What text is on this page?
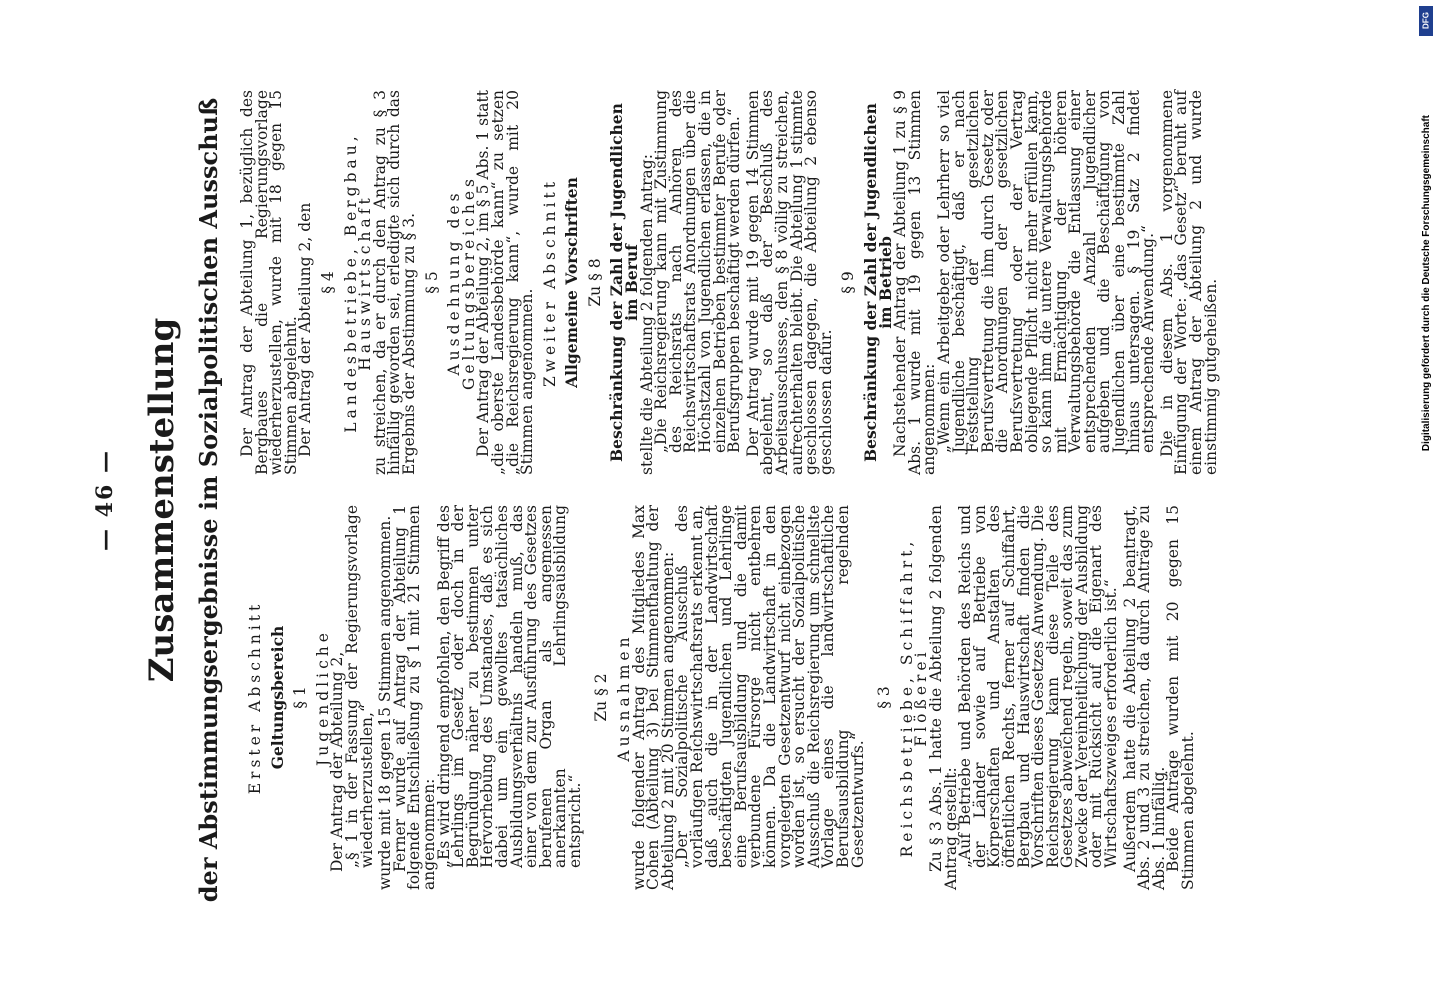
— 46 — Zusammenstellung der Abstimmungsergebnisse im Sozialpolitischen Ausschuß Erster Abschnitt Geltungsbereich § 1 Jugendliche

Der Antrag der Abteilung 2,

„§ 1 in der Fassung der Regierungsvorlage wiederherzustellen,“ wurde mit 18 gegen 15 Stimmen angenommen.

Ferner wurde auf Antrag der Abteilung 1 folgende Entschließung zu § 1 mit 21 Stimmen angenommen:

„Es wird dringend empfohlen, den Begriff des Lehrlings im Gesetz oder doch in der Begründung näher zu bestimmen unter Hervorhebung des Umstandes, daß es sich dabei um ein gewolltes tatsächliches Ausbildungsverhältnis handeln muß, das einer von dem zur Ausführung des Gesetzes berufenen Organ als angemessen anerkannten Lehrlingsausbildung entspricht.“

Zu § 2 Ausnahmen

wurde folgender Antrag des Mitgliedes Max Cohen (Abteilung 3) bei Stimmenthaltung der Abteilung 2 mit 20 Stimmen angenommen:

„Der Sozialpolitische Ausschuß des vorläufigen Reichswirtschaftsrats erkennt an, daß auch die in der Landwirtschaft beschäftigten Jugendlichen und Lehrlinge eine Berufsausbildung und die damit verbundene Fürsorge nicht entbehren können. Da die Landwirtschaft in den vorgelegten Gesetzentwurf nicht einbezogen worden ist, so ersucht der Sozialpolitische Ausschuß die Reichsregierung um schnellste Vorlage eines die landwirtschaftliche Berufsausbildung regelnden Gesetzentwurfs.“

§ 3 Reichsbetriebe, Schiffahrt, Flößerei

Zu § 3 Abs. 1 hatte die Abteilung 2 folgenden Antrag gestellt:

„Auf Betriebe und Behörden des Reichs und der Länder sowie auf Betriebe von Körperschaften und Anstalten des öffentlichen Rechts, ferner auf Schiffahrt, Bergbau und Hauswirtschaft finden die Vorschriften dieses Gesetzes Anwendung. Die Reichsregierung kann diese Teile des Gesetzes abweichend regeln, soweit das zum Zwecke der Vereinheitlichung der Ausbildung oder mit Rücksicht auf die Eigenart des Wirtschaftszweiges erforderlich ist.“ Außerdem hatte die Abteilung 2 beantragt, Abs. 2 und 3 zu streichen, da durch Anträge zu Abs. 1 hinfällig.

Beide Anträge wurden mit 20 gegen 15 Stimmen abgelehnt.

Der Antrag der Abteilung 1, bezüglich des Bergbaues die Regierungsvorlage wiederherzustellen, wurde mit 18 gegen 15 Stimmen abgelehnt.

Der Antrag der Abteilung 2, den § 4 Landesbetriebe, Bergbau, Hauswirtschaft

zu streichen, da er durch den Antrag zu § 3 hinfällig geworden sei, erledigte sich durch das Ergebnis der Abstimmung zu § 3. § 5 Ausdehnung des Geltungsbereiches

Der Antrag der Abteilung 2, im § 5 Abs. 1 statt „die oberste Landesbehörde kann“ zu setzen „die Reichsregierung kann“, wurde mit 20 Stimmen angenommen. Zweiter Abschnitt Allgemeine Vorschriften Zu § 8 Beschränkung der Zahl der Jugendlichen im Beruf

stellte die Abteilung 2 folgenden Antrag:

„Die Reichsregierung kann mit Zustimmung des Reichsrats nach Anhören des Reichswirtschaftsrats Anordnungen über die Höchstzahl von Jugendlichen erlassen, die in einzelnen Betrieben bestimmter Berufe oder Berufsgruppen beschäftigt werden dürfen.“ Der Antrag wurde mit 19 gegen 14 Stimmen abgelehnt, so daß der Beschluß des Arbeitsausschusses, den § 8 völlig zu streichen, aufrechterhalten bleibt. Die Abteilung 1 stimmte geschlossen dagegen, die Abteilung 2 ebenso geschlossen dafür.

§ 9 Beschränkung der Zahl der Jugendlichen im Betrieb

Nachstehender Antrag der Abteilung 1 zu § 9 Abs. 1 wurde mit 19 gegen 13 Stimmen angenommen:

„Wenn ein Arbeitgeber oder Lehrherr so viel Jugendliche beschäftigt, daß er nach Feststellung der gesetzlichen Berufsvertretung die ihm durch Gesetz oder die Anordnungen der gesetzlichen Berufsvertretung oder der Vertrag obliegende Pflicht nicht mehr erfüllen kann, so kann ihm die untere Verwaltungsbehörde mit Ermächtigung der höheren Verwaltungsbehörde die Entlassung einer entsprechenden Anzahl Jugendlicher aufgeben und die Beschäftigung von Jugendlichen über eine bestimmte Zahl hinaus untersagen. § 19 Satz 2 findet entsprechende Anwendung.“ Die in diesem Abs. 1 vorgenommene Einfügung der Worte: „das Gesetz“ beruht auf einem Antrag der Abteilung 2 und wurde einstimmig gutgeheißen.	Digitalisierung gefördert durch die Deutsche Forschungsgemeinschaft
DFG
